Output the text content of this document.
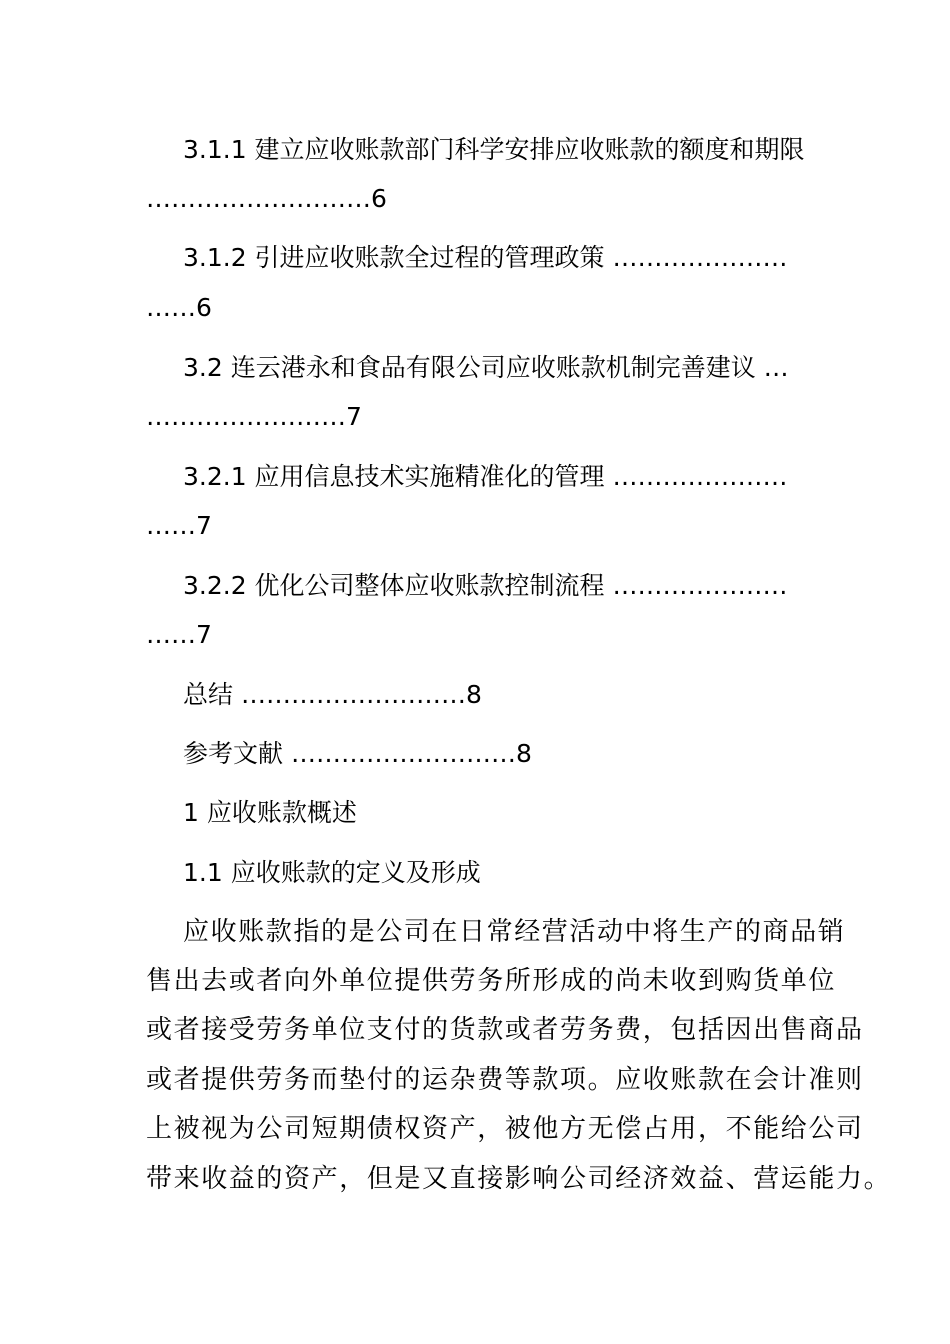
3.1.1 建立应收账款部门科学安排应收账款的额度和期限
………………………6
3.1.2 引进应收账款全过程的管理政策 …………………
……6
3.2 连云港永和食品有限公司应收账款机制完善建议 …
……………………7
3.2.1 应用信息技术实施精准化的管理 …………………
……7
3.2.2 优化公司整体应收账款控制流程 …………………
……7
总结 ………………………8
参考文献 ………………………8
1 应收账款概述
1.1 应收账款的定义及形成
应收账款指的是公司在日常经营活动中将生产的商品销
售出去或者向外单位提供劳务所形成的尚未收到购货单位
或者接受劳务单位支付的货款或者劳务费，包括因出售商品
或者提供劳务而垫付的运杂费等款项。应收账款在会计准则
上被视为公司短期债权资产，被他方无偿占用，不能给公司
带来收益的资产，但是又直接影响公司经济效益、营运能力。
